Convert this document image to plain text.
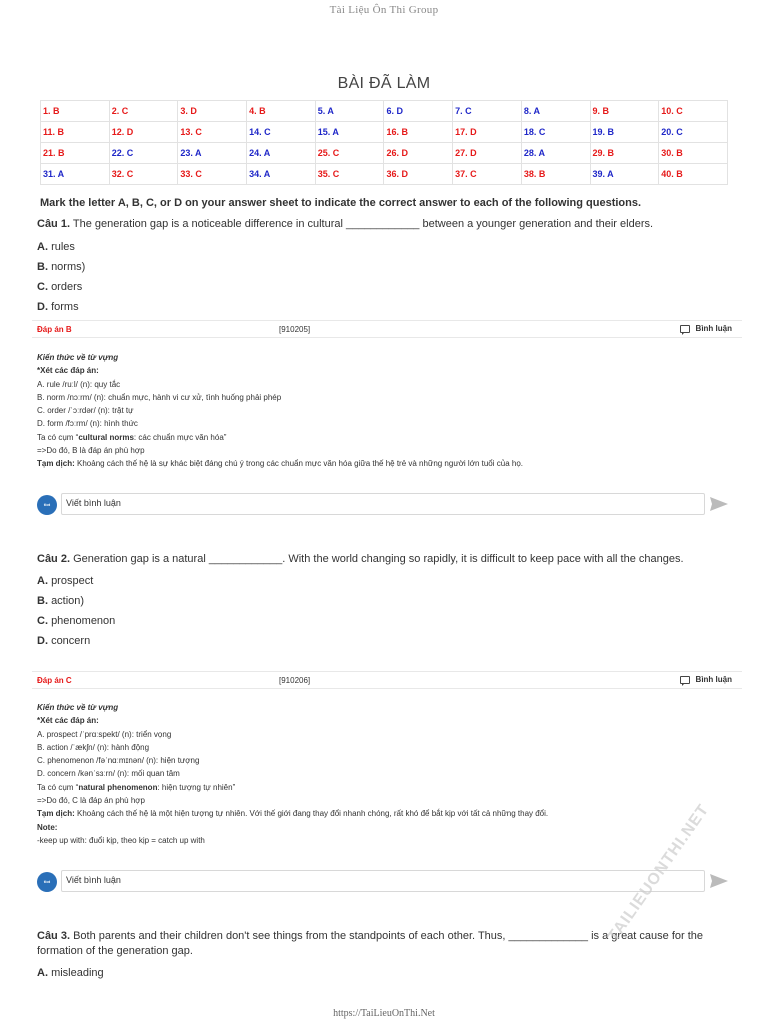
Tài Liệu Ôn Thi Group
BÀI ĐÃ LÀM
1. B	2. C	3. D	4. B	5. A	6. D	7. C	8. A	9. B	10. C
11. B	12. D	13. C	14. C	15. A	16. B	17. D	18. C	19. B	20. C
21. B	22. C	23. A	24. A	25. C	26. D	27. D	28. A	29. B	30. B
31. A	32. C	33. C	34. A	35. C	36. D	37. C	38. B	39. A	40. B
Mark the letter A, B, C, or D on your answer sheet to indicate the correct answer to each of the following questions.
Câu 1. The generation gap is a noticeable difference in cultural ____________ between a younger generation and their elders.
A. rules
B. norms)
C. orders
D. forms
Đáp án B	[910205]	Bình luận
Kiến thức về từ vựng
*Xét các đáp án:
A. rule /ruːl/ (n): quy tắc
B. norm /nɔːrm/ (n): chuẩn mực, hành vi cư xử, tình huống phải phép
C. order /ˈɔːrdər/ (n): trật tự
D. form /fɔːrm/ (n): hình thức
Ta có cụm “cultural norms: các chuẩn mực văn hóa”
=>Do đó, B là đáp án phù hợp
Tạm dịch: Khoảng cách thế hệ là sự khác biệt đáng chú ý trong các chuẩn mực văn hóa giữa thế hệ trẻ và những người lớn tuổi của họ.
tlot	Viết bình luận
Câu 2. Generation gap is a natural ____________. With the world changing so rapidly, it is difficult to keep pace with all the changes.
A. prospect
B. action)
C. phenomenon
D. concern
Đáp án C	[910206]	Bình luận
Kiến thức về từ vựng
*Xét các đáp án:
A. prospect /ˈprɑːspekt/ (n): triển vọng
B. action /ˈækʃn/ (n): hành động
C. phenomenon /fəˈnɑːmɪnən/ (n): hiện tượng
D. concern /kənˈsɜːrn/ (n): mối quan tâm
Ta có cụm “natural phenomenon: hiện tượng tự nhiên”
=>Do đó, C là đáp án phù hợp
Tạm dịch: Khoảng cách thế hệ là một hiện tượng tự nhiên. Với thế giới đang thay đổi nhanh chóng, rất khó để bắt kịp với tất cả những thay đổi.
Note:
-keep up with: đuổi kịp, theo kịp = catch up with
tlot	Viết bình luận
Câu 3. Both parents and their children don't see things from the standpoints of each other. Thus, _____________ is a great cause for the formation of the generation gap.
A. misleading
TAILIEUONTHI.NET
https://TaiLieuOnThi.Net
